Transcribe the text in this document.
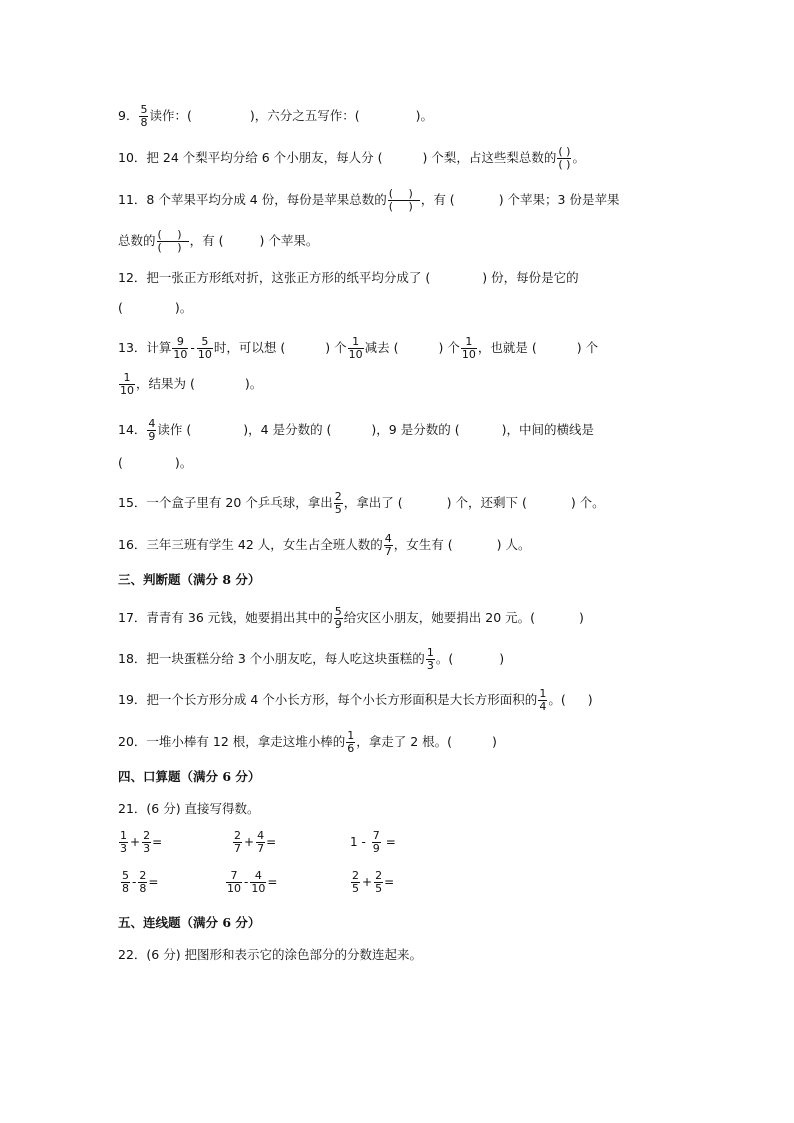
9． $\frac{5}{8}$ 读作：(	)，六分之五写作：(	)。
10．把 24 个梨平均分给 6 个小朋友，每人分 (	) 个梨，占这些梨总数的 $\frac{( )}{( )}$ 。
11．8 个苹果平均分成 4 份，每份是苹果总数的 $\frac{( )}{( )}$ ，有 (	) 个苹果；3 份是苹果
总数的 $\frac{( )}{( )}$ ，有 (	) 个苹果。
12．把一张正方形纸对折，这张正方形的纸平均分成了 (	) 份，每份是它的
(	)。
13．计算 $\frac{9}{10} - \frac{5}{10}$ 时，可以想 (	) 个 $\frac{1}{10}$ 减去 (	) 个 $\frac{1}{10}$ ，也就是 (	) 个
$\frac{1}{10}$ ，结果为 (	)。
14． $\frac{4}{9}$ 读作 (	)，4 是分数的 (	)，9 是分数的 (	)，中间的横线是
(	)。
15．一个盒子里有 20 个乒乓球，拿出 $\frac{2}{5}$ ，拿出了 (	) 个，还剩下 (	) 个。
16．三年三班有学生 42 人，女生占全班人数的 $\frac{4}{7}$ ，女生有 (	) 人。
三、判断题（满分 8 分）
17．青青有 36 元钱，她要捐出其中的 $\frac{5}{9}$ 给灾区小朋友，她要捐出 20 元。(	)
18．把一块蛋糕分给 3 个小朋友吃，每人吃这块蛋糕的 $\frac{1}{3}$ 。(	)
19．把一个长方形分成 4 个小长方形，每个小长方形面积是大长方形面积的 $\frac{1}{4}$ 。( )
20．一堆小棒有 12 根，拿走这堆小棒的 $\frac{1}{6}$ ，拿走了 2 根。(	)
四、口算题（满分 6 分）
21．(6 分) 直接写得数。
$\frac{1}{3} + \frac{2}{3}$ =	$\frac{2}{7} + \frac{4}{7}$ =	$1 - \frac{7}{9}$ =
$\frac{5}{8} - \frac{2}{8}$ =	$\frac{7}{10} - \frac{4}{10}$ =	$\frac{2}{5} + \frac{2}{5}$ =
五、连线题（满分 6 分）
22．(6 分) 把图形和表示它的涂色部分的分数连起来。
